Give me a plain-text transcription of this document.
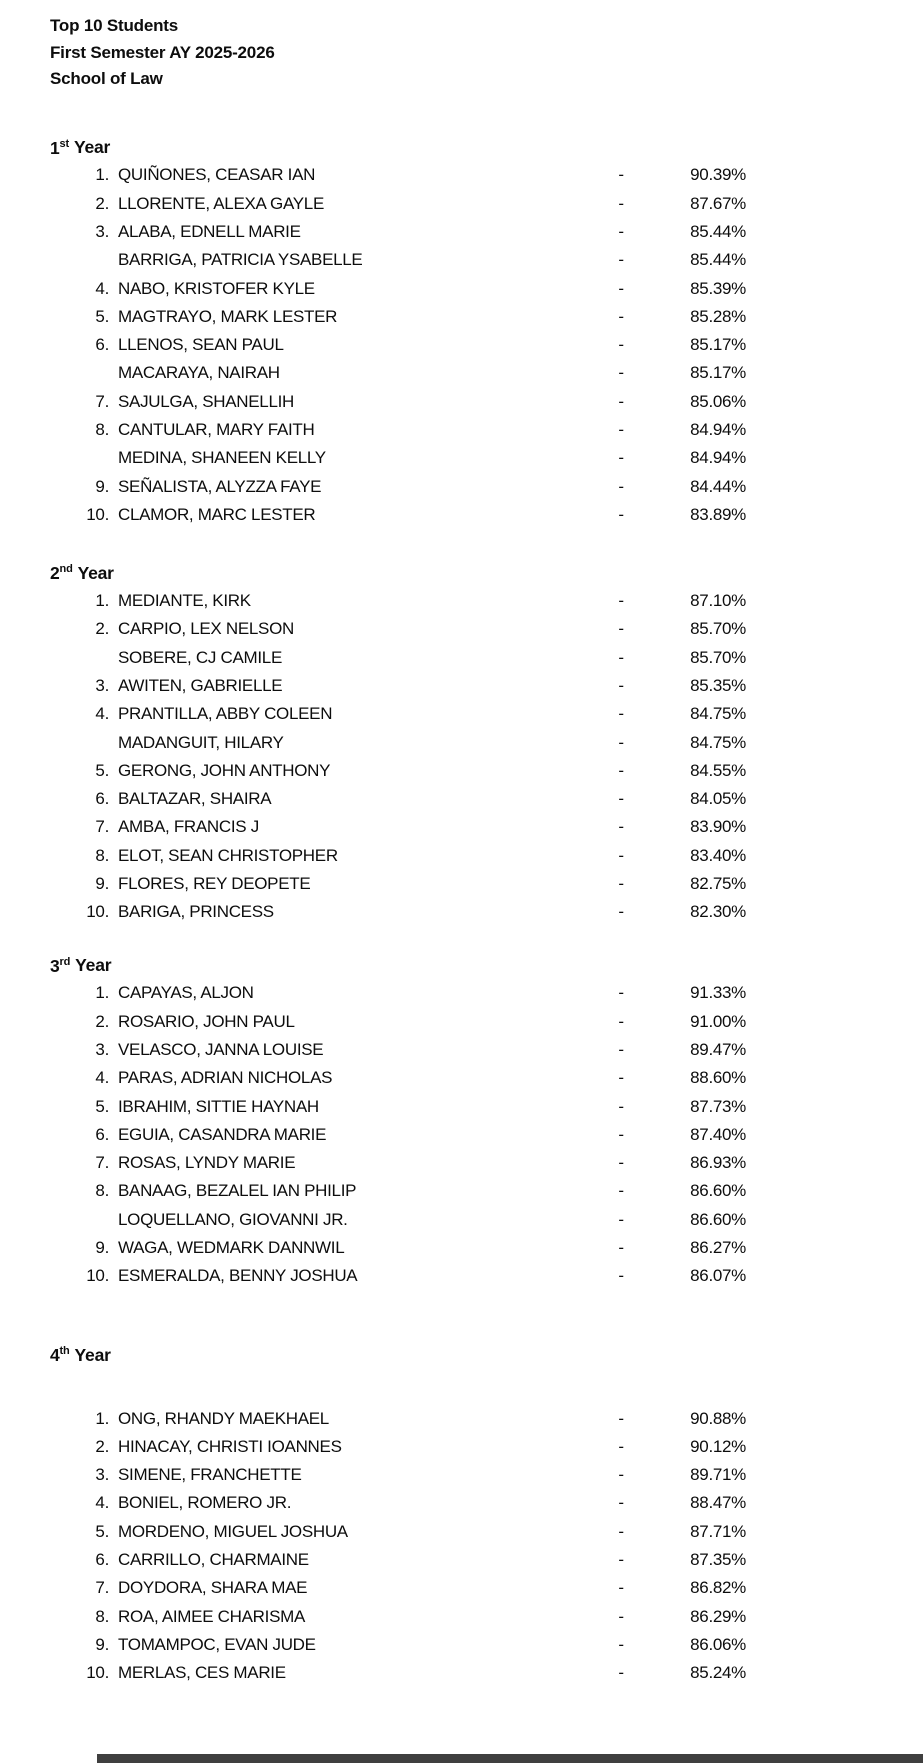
Top 10 Students
First Semester AY 2025-2026
School of Law
1st Year
1. QUIÑONES, CEASAR IAN	-	90.39%
2. LLORENTE, ALEXA GAYLE	-	87.67%
3. ALABA, EDNELL MARIE	-	85.44%
BARRIGA, PATRICIA YSABELLE	-	85.44%
4. NABO, KRISTOFER KYLE	-	85.39%
5. MAGTRAYO, MARK LESTER	-	85.28%
6. LLENOS, SEAN PAUL	-	85.17%
MACARAYA, NAIRAH	-	85.17%
7. SAJULGA, SHANELLIH	-	85.06%
8. CANTULAR, MARY FAITH	-	84.94%
MEDINA, SHANEEN KELLY	-	84.94%
9. SEÑALISTA, ALYZZA FAYE	-	84.44%
10. CLAMOR, MARC LESTER	-	83.89%
2nd Year
1. MEDIANTE, KIRK	-	87.10%
2. CARPIO, LEX NELSON	-	85.70%
SOBERE, CJ CAMILE	-	85.70%
3. AWITEN, GABRIELLE	-	85.35%
4. PRANTILLA, ABBY COLEEN	-	84.75%
MADANGUIT, HILARY	-	84.75%
5. GERONG, JOHN ANTHONY	-	84.55%
6. BALTAZAR, SHAIRA	-	84.05%
7. AMBA, FRANCIS J	-	83.90%
8. ELOT, SEAN CHRISTOPHER	-	83.40%
9. FLORES, REY DEOPETE	-	82.75%
10. BARIGA, PRINCESS	-	82.30%
3rd Year
1. CAPAYAS, ALJON	-	91.33%
2. ROSARIO, JOHN PAUL	-	91.00%
3. VELASCO, JANNA LOUISE	-	89.47%
4. PARAS, ADRIAN NICHOLAS	-	88.60%
5. IBRAHIM, SITTIE HAYNAH	-	87.73%
6. EGUIA, CASANDRA MARIE	-	87.40%
7. ROSAS, LYNDY MARIE	-	86.93%
8. BANAAG, BEZALEL IAN PHILIP	-	86.60%
LOQUELLANO, GIOVANNI JR.	-	86.60%
9. WAGA, WEDMARK DANNWIL	-	86.27%
10. ESMERALDA, BENNY JOSHUA	-	86.07%
4th Year
1. ONG, RHANDY MAEKHAEL	-	90.88%
2. HINACAY, CHRISTI IOANNES	-	90.12%
3. SIMENE, FRANCHETTE	-	89.71%
4. BONIEL, ROMERO JR.	-	88.47%
5. MORDENO, MIGUEL JOSHUA	-	87.71%
6. CARRILLO, CHARMAINE	-	87.35%
7. DOYDORA, SHARA MAE	-	86.82%
8. ROA, AIMEE CHARISMA	-	86.29%
9. TOMAMPOC, EVAN JUDE	-	86.06%
10. MERLAS, CES MARIE	-	85.24%
